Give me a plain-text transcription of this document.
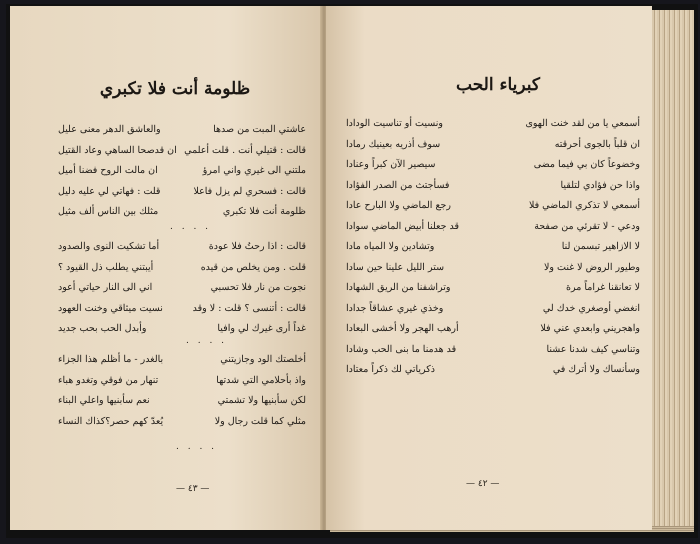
كبرياء الحب
أسمعي يا من لقد خنت الهوى
ونسيت أو تناسيت الودادا
ان قلباً بالجوى أحرقته
سوف أذريه بعينيك رمادا
وخضوعاً كان بي فيما مضى
سيصير الآن كبراً وعنادا
واذا حن فؤادي لتلقيا
فسأجتث من الصدر الفؤادا
أسمعي لا تذكري الماضي فلا
رجع الماضي ولا البارح عادا
ودعي - لا تقرئي من صفحة
قد جعلنا أبيض الماضي سوادا
لا الازاهير تبسمن لنا
وتشادين ولا المياه مادا
وطيور الروض لا غنت ولا
ستر الليل علينا حين سادا
لا تعانقنا غراماً مرة
وتراشفنا من الريق الشهادا
انغضي أوصغري خدك لي
وخذي غيري عشاقاً جدادا
واهجريني وابعدي عني فلا
أرهب الهجر ولا أخشى البعادا
وتناسي كيف شدنا عشنا
قد هدمنا ما بنى الحب وشادا
وسأنساك ولا أترك في
ذكرياتي لك ذكراً معتادا
— ٤٢ —
ظلومة أنت فلا تكبري
عاشتي المبت من صدها
والعاشق الدهر معنى عليل
قالت : قتيلي أنت . قلت أعلمي
ان قدصحا الساهي وعاد القتيل
ملتني الى غيري واني امرؤ
ان مالت الروح فضنا أميل
قالت : فسحري لم يزل فاعلا
قلت : فهاتي لي عليه دليل
ظلومة أنت فلا تكبري
مثلك بين الناس ألف مثيل
. . . .
قالت : اذا رحتُ فلا عودة
أما تشكيت النوى والصدود
قلت . ومن يخلص من قيده
أيبتني يطلب ذل القيود ؟
نجوت من نار فلا تحسبي
اني الى النار حياتي أعود
قالت : أتنسى ؟ قلت : لا وقد
نسيت ميثاقي وخنت العهود
غداً أرى غيرك لي وافيا
وأبدل الحب بحب جديد
. . . .
أخلصتك الود وجازيتني
بالغدر - ما أظلم هذا الجزاء
واذ بأحلامي التي شدتها
تنهار من فوقي وتغدو هباء
لكن سأبنيها ولا تشمتي
نعم سأبنيها واعلي البناء
مثلي كما قلت رجال ولا
يُعدّ كهم حصر؟كذاك النساء
. . . .
— ٤٣ —
